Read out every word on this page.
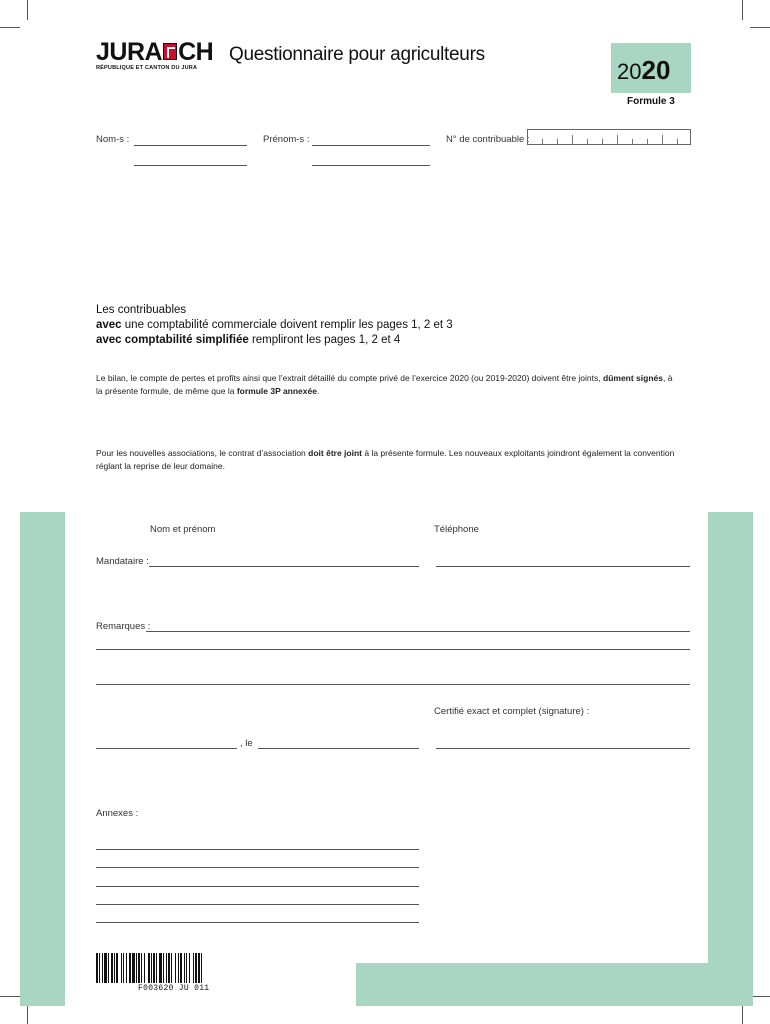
JURA CH
RÉPUBLIQUE ET CANTON DU JURA
Questionnaire pour agriculteurs
2020
Formule 3
Nom-s :	Prénom-s :	N° de contribuable :
Les contribuables
avec une comptabilité commerciale doivent remplir les pages 1, 2 et 3
avec comptabilité simplifiée rempliront les pages 1, 2 et 4
Le bilan, le compte de pertes et profits ainsi que l’extrait détaillé du compte privé de l’exercice 2020 (ou 2019-2020) doivent être joints, dûment signés, à
la présente formule, de même que la formule 3P annexée.
Pour les nouvelles associations, le contrat d’association doit être joint à la présente formule. Les nouveaux exploitants joindront également la convention
réglant la reprise de leur domaine.
Nom et prénom	Téléphone
Mandataire :
Remarques :
Certifié exact et complet (signature) :
, le
Annexes :
F003620 JU 011
